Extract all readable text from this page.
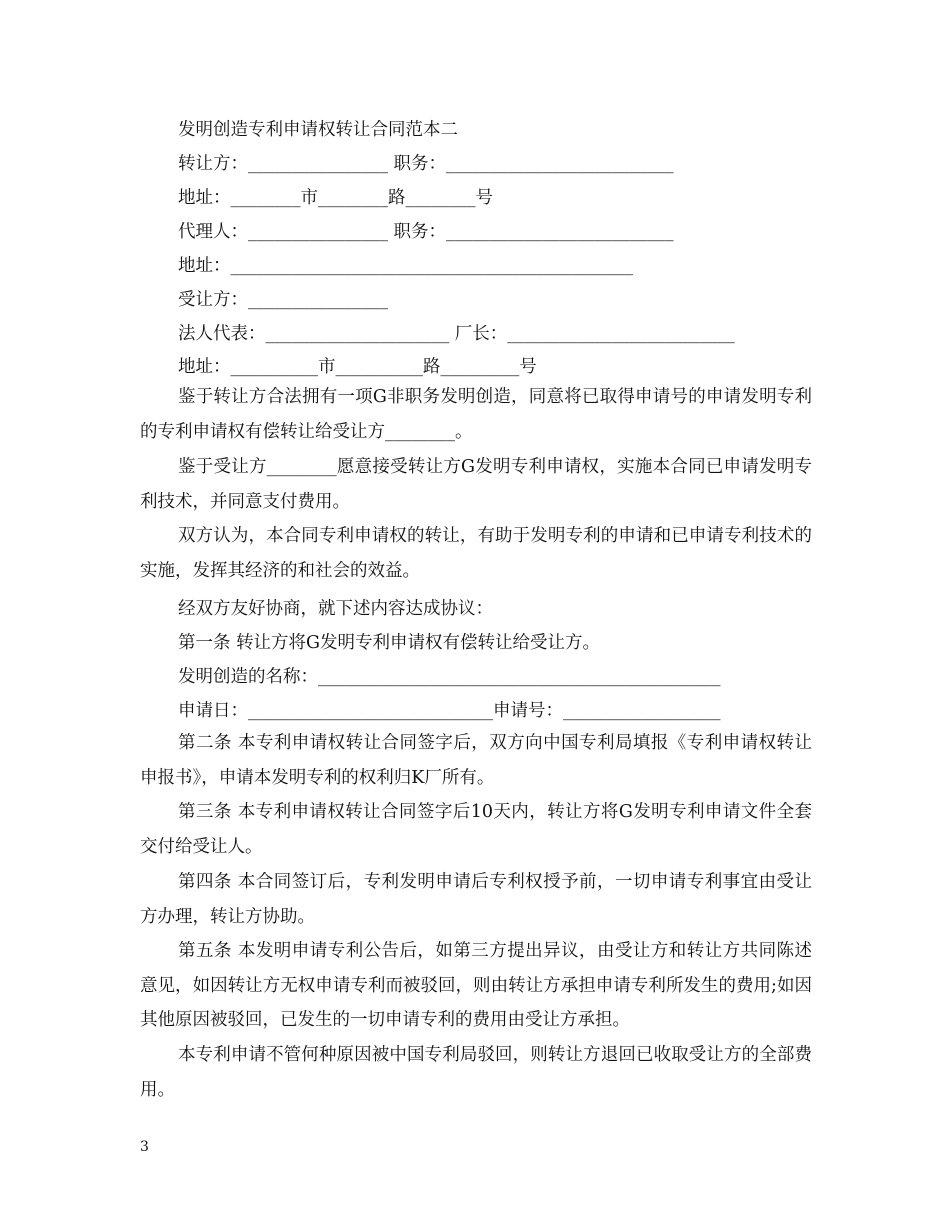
发明创造专利申请权转让合同范本二
转让方：________________ 职务：__________________________
地址：________市________路________号
代理人：________________ 职务：__________________________
地址：______________________________________________
受让方：________________
法人代表：_____________________ 厂长：__________________________
地址：__________市__________路_________号

鉴于转让方合法拥有一项G非职务发明创造，同意将已取得申请号的申请发明专利的专利申请权有偿转让给受让方________。

鉴于受让方________愿意接受转让方G发明专利申请权，实施本合同已申请发明专利技术，并同意支付费用。

双方认为，本合同专利申请权的转让，有助于发明专利的申请和已申请专利技术的实施，发挥其经济的和社会的效益。

经双方友好协商，就下述内容达成协议：
第一条 转让方将G发明专利申请权有偿转让给受让方。
发明创造的名称：______________________________________________
申请日：____________________________申请号：__________________

第二条 本专利申请权转让合同签字后，双方向中国专利局填报《专利申请权转让申报书》，申请本发明专利的权利归K厂所有。

第三条 本专利申请权转让合同签字后10天内，转让方将G发明专利申请文件全套交付给受让人。

第四条 本合同签订后，专利发明申请后专利权授予前，一切申请专利事宜由受让方办理，转让方协助。

第五条 本发明申请专利公告后，如第三方提出异议，由受让方和转让方共同陈述意见，如因转让方无权申请专利而被驳回，则由转让方承担申请专利所发生的费用;如因其他原因被驳回，已发生的一切申请专利的费用由受让方承担。

本专利申请不管何种原因被中国专利局驳回，则转让方退回已收取受让方的全部费用。

3
